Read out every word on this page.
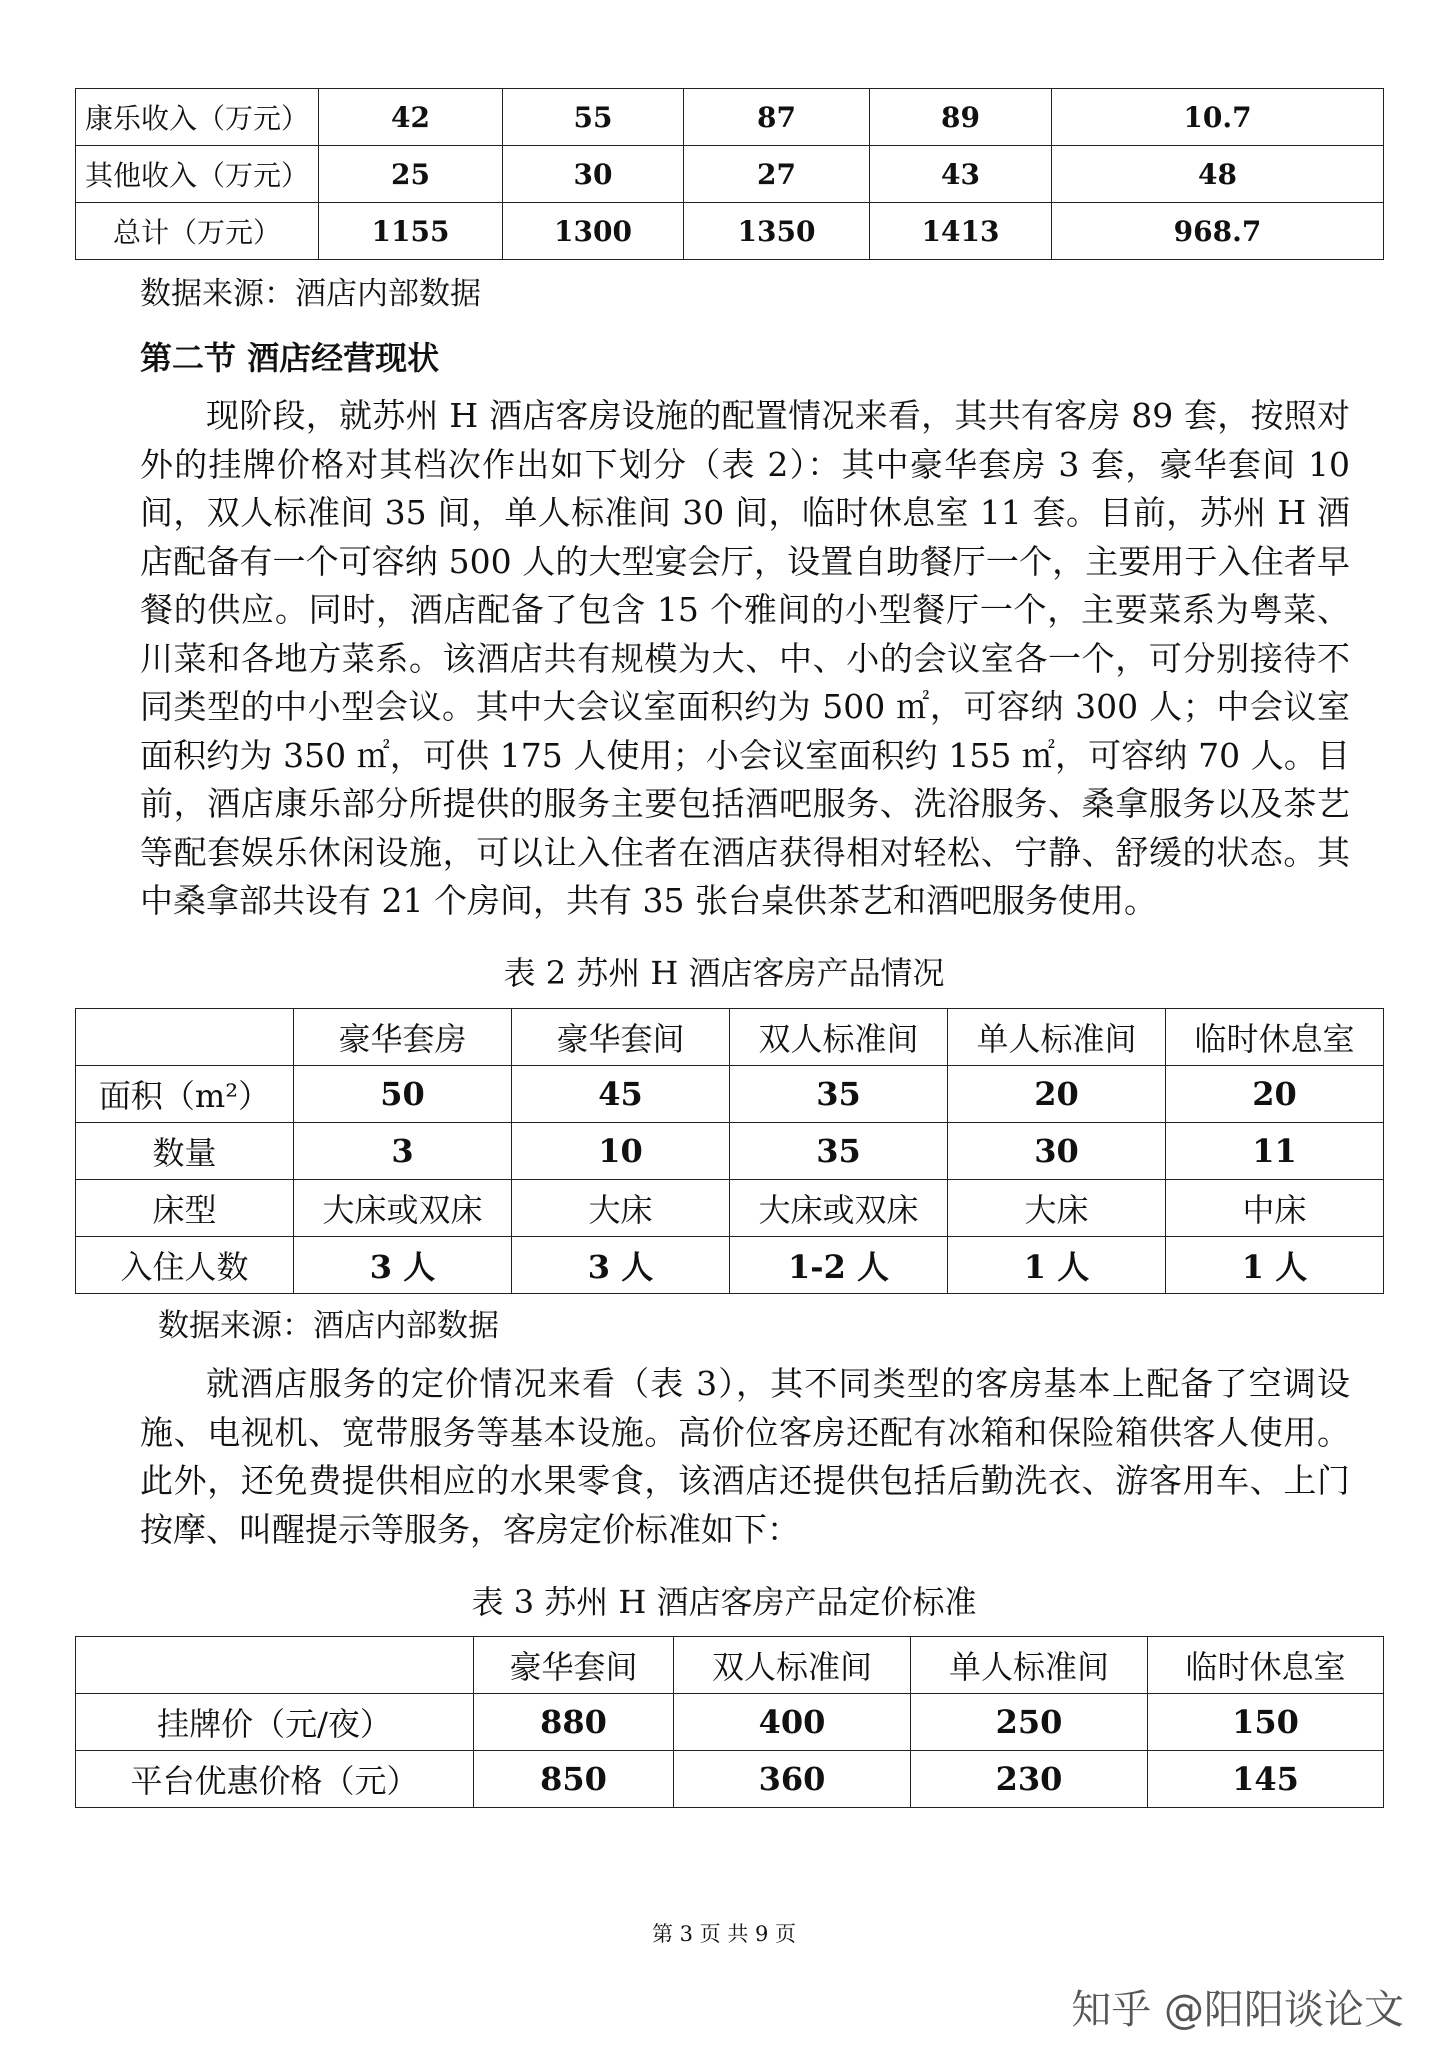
康乐收入（万元）	42	55	87	89	10.7
其他收入（万元）	25	30	27	43	48
总计（万元）	1155	1300	1350	1413	968.7
数据来源：酒店内部数据
第二节 酒店经营现状

现阶段，就苏州 H 酒店客房设施的配置情况来看，其共有客房 89 套，按照对外的挂牌价格对其档次作出如下划分（表 2）：其中豪华套房 3 套，豪华套间 10 间，双人标准间 35 间，单人标准间 30 间，临时休息室 11 套。目前，苏州 H 酒店配备有一个可容纳 500 人的大型宴会厅，设置自助餐厅一个，主要用于入住者早餐的供应。同时，酒店配备了包含 15 个雅间的小型餐厅一个，主要菜系为粤菜、川菜和各地方菜系。该酒店共有规模为大、中、小的会议室各一个，可分别接待不同类型的中小型会议。其中大会议室面积约为 500 ㎡，可容纳 300 人；中会议室面积约为 350 ㎡，可供 175 人使用；小会议室面积约 155 ㎡，可容纳 70 人。目前，酒店康乐部分所提供的服务主要包括酒吧服务、洗浴服务、桑拿服务以及茶艺等配套娱乐休闲设施，可以让入住者在酒店获得相对轻松、宁静、舒缓的状态。其中桑拿部共设有 21 个房间，共有 35 张台桌供茶艺和酒吧服务使用。

表 2 苏州 H 酒店客房产品情况
	豪华套房	豪华套间	双人标准间	单人标准间	临时休息室
面积（m²）	50	45	35	20	20
数量	3	10	35	30	11
床型	大床或双床	大床	大床或双床	大床	中床
入住人数	3 人	3 人	1-2 人	1 人	1 人
数据来源：酒店内部数据

就酒店服务的定价情况来看（表 3），其不同类型的客房基本上配备了空调设施、电视机、宽带服务等基本设施。高价位客房还配有冰箱和保险箱供客人使用。此外，还免费提供相应的水果零食，该酒店还提供包括后勤洗衣、游客用车、上门按摩、叫醒提示等服务，客房定价标准如下：

表 3 苏州 H 酒店客房产品定价标准
	豪华套间	双人标准间	单人标准间	临时休息室
挂牌价（元/夜）	880	400	250	150
平台优惠价格（元）	850	360	230	145
第 3 页 共 9 页
知乎 @阳阳谈论文
